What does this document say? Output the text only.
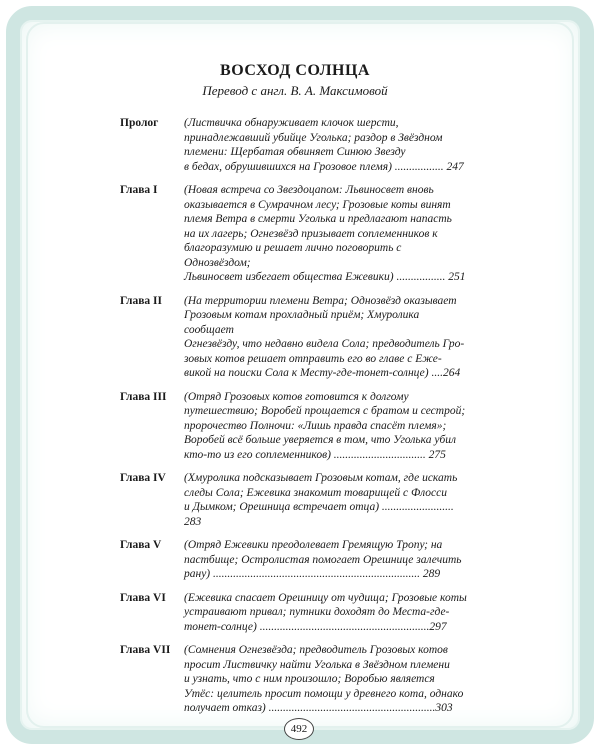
ВОСХОД СОЛНЦА

Перевод с англ. В. А. Максимовой

Пролог	(Листвичка обнаруживает клочок шерсти,
принадлежавший убийце Уголька; раздор в Звёздном
племени: Щербатая обвиняет Синюю Звезду
в бедах, обрушившихся на Грозовое племя) ................. 247
Глава I	(Новая встреча со Звездоцапом: Львиносвет вновь
оказывается в Сумрачном лесу; Грозовые коты винят
племя Ветра в смерти Уголька и предлагают напасть
на их лагерь; Огнезвёзд призывает соплеменников к
благоразумию и решает лично поговорить с Однозвёздом;
Львиносвет избегает общества Ежевики) ................. 251
Глава II	(На территории племени Ветра; Однозвёзд оказывает
Грозовым котам прохладный приём; Хмуролика сообщает
Огнезвёзду, что недавно видела Сола; предводитель Гро-
зовых котов решает отправить его во главе с Еже-
викой на поиски Сола к Месту-где-тонет-солнце) ....264
Глава III	(Отряд Грозовых котов готовится к долгому
путешествию; Воробей прощается с братом и сестрой;
пророчество Полночи: «Лишь правда спасёт племя»;
Воробей всё больше уверяется в том, что Уголька убил
кто-то из его соплеменников) ................................ 275
Глава IV	(Хмуролика подсказывает Грозовым котам, где искать
следы Сола; Ежевика знакомит товарищей с Флосси
и Дымком; Орешница встречает отца) ......................... 283
Глава V	(Отряд Ежевики преодолевает Гремящую Тропу; на
пастбище; Остролистая помогает Орешнице залечить
рану) ........................................................................ 289
Глава VI	(Ежевика спасает Орешницу от чудища; Грозовые коты
устраивают привал; путники доходят до Места-где-
тонет-солнце) ...........................................................297
Глава VII	(Сомнения Огнезвёзда; предводитель Грозовых котов
просит Листвичку найти Уголька в Звёздном племени
и узнать, что с ним произошло; Воробью является
Утёс: целитель просит помощи у древнего кота, однако
получает отказ) ..........................................................303
492
